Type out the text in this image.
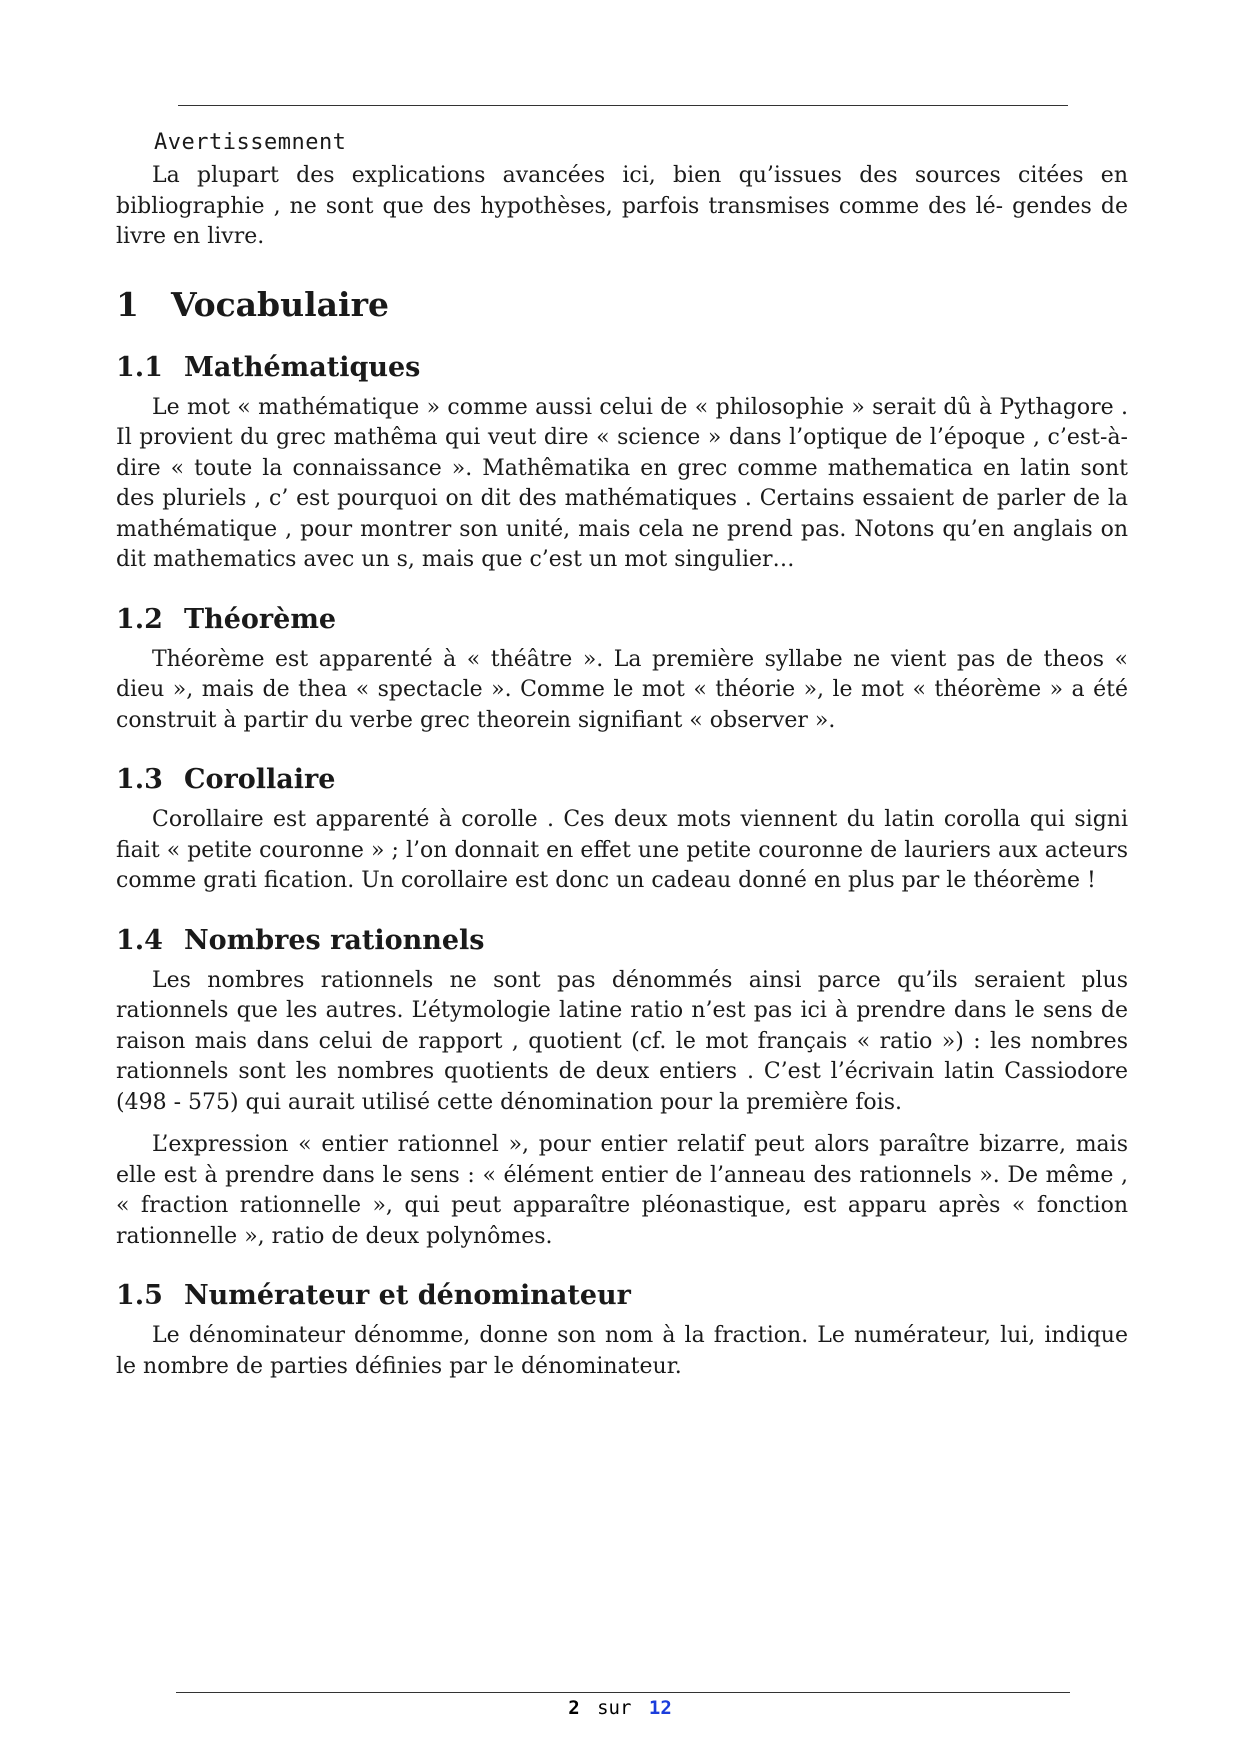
Avertissemnent

La plupart des explications avancées ici, bien qu’issues des sources citées en bibliographie , ne sont que des hypothèses, parfois transmises comme des lé- gendes de livre en livre.

1 Vocabulaire
1.1 Mathématiques

Le mot « mathématique » comme aussi celui de « philosophie » serait dû à Pythagore . Il provient du grec mathêma qui veut dire « science » dans l’optique de l’époque , c’est-à-dire « toute la connaissance ». Mathêmatika en grec comme mathematica en latin sont des pluriels , c’ est pourquoi on dit des mathématiques . Certains essaient de parler de la mathématique , pour montrer son unité, mais cela ne prend pas. Notons qu’en anglais on dit mathematics avec un s, mais que c’est un mot singulier…

1.2 Théorème

Théorème est apparenté à « théâtre ». La première syllabe ne vient pas de theos « dieu », mais de thea « spectacle ». Comme le mot « théorie », le mot « théorème » a été construit à partir du verbe grec theorein signifiant « observer ».

1.3 Corollaire

Corollaire est apparenté à corolle . Ces deux mots viennent du latin corolla qui signi fiait « petite couronne » ; l’on donnait en effet une petite couronne de lauriers aux acteurs comme grati fication. Un corollaire est donc un cadeau donné en plus par le théorème !

1.4 Nombres rationnels

Les nombres rationnels ne sont pas dénommés ainsi parce qu’ils seraient plus rationnels que les autres. L’étymologie latine ratio n’est pas ici à prendre dans le sens de raison mais dans celui de rapport , quotient (cf. le mot français « ratio ») : les nombres rationnels sont les nombres quotients de deux entiers . C’est l’écrivain latin Cassiodore (498 - 575) qui aurait utilisé cette dénomination pour la première fois.

L’expression « entier rationnel », pour entier relatif peut alors paraître bizarre, mais elle est à prendre dans le sens : « élément entier de l’anneau des rationnels ». De même , « fraction rationnelle », qui peut apparaître pléonastique, est apparu après « fonction rationnelle », ratio de deux polynômes.

1.5 Numérateur et dénominateur

Le dénominateur dénomme, donne son nom à la fraction. Le numérateur, lui, indique le nombre de parties définies par le dénominateur.

2 sur 12
